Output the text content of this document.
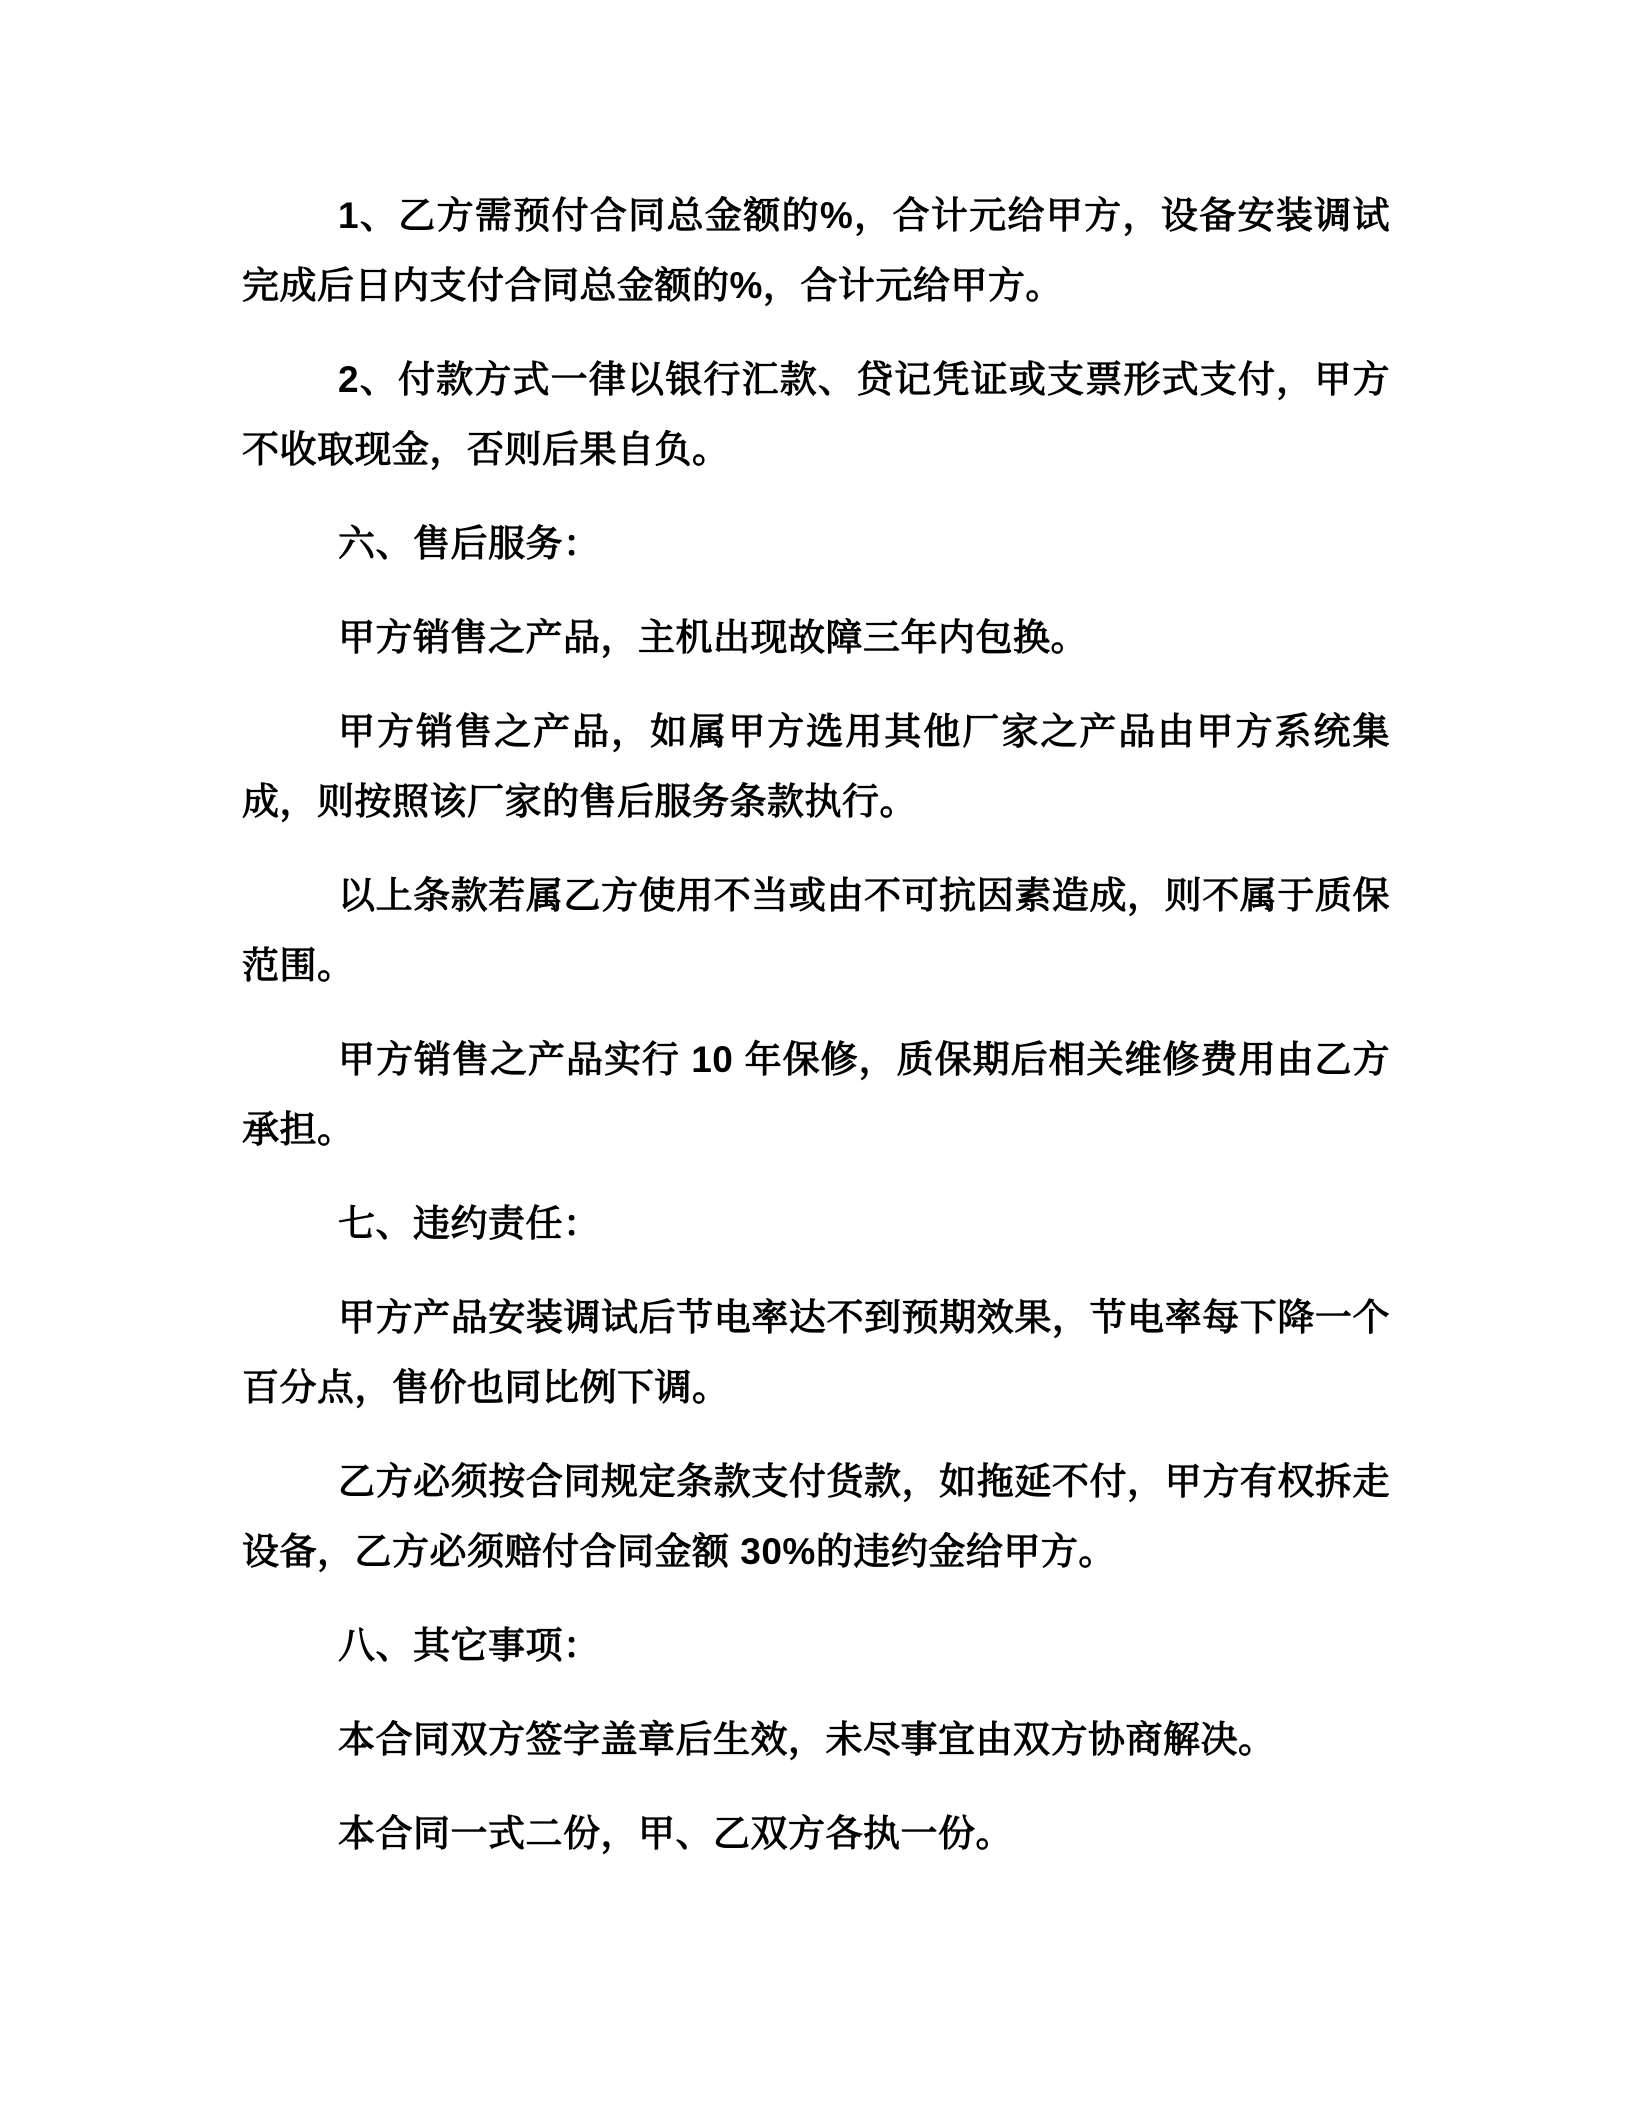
1、乙方需预付合同总金额的%，合计元给甲方，设备安装调试完成后日内支付合同总金额的%，合计元给甲方。

2、付款方式一律以银行汇款、贷记凭证或支票形式支付，甲方不收取现金，否则后果自负。

六、售后服务：

甲方销售之产品，主机出现故障三年内包换。

甲方销售之产品，如属甲方选用其他厂家之产品由甲方系统集成，则按照该厂家的售后服务条款执行。

以上条款若属乙方使用不当或由不可抗因素造成，则不属于质保范围。

甲方销售之产品实行 10 年保修，质保期后相关维修费用由乙方承担。

七、违约责任：

甲方产品安装调试后节电率达不到预期效果，节电率每下降一个百分点，售价也同比例下调。

乙方必须按合同规定条款支付货款，如拖延不付，甲方有权拆走设备，乙方必须赔付合同金额 30%的违约金给甲方。

八、其它事项：

本合同双方签字盖章后生效，未尽事宜由双方协商解决。

本合同一式二份，甲、乙双方各执一份。
